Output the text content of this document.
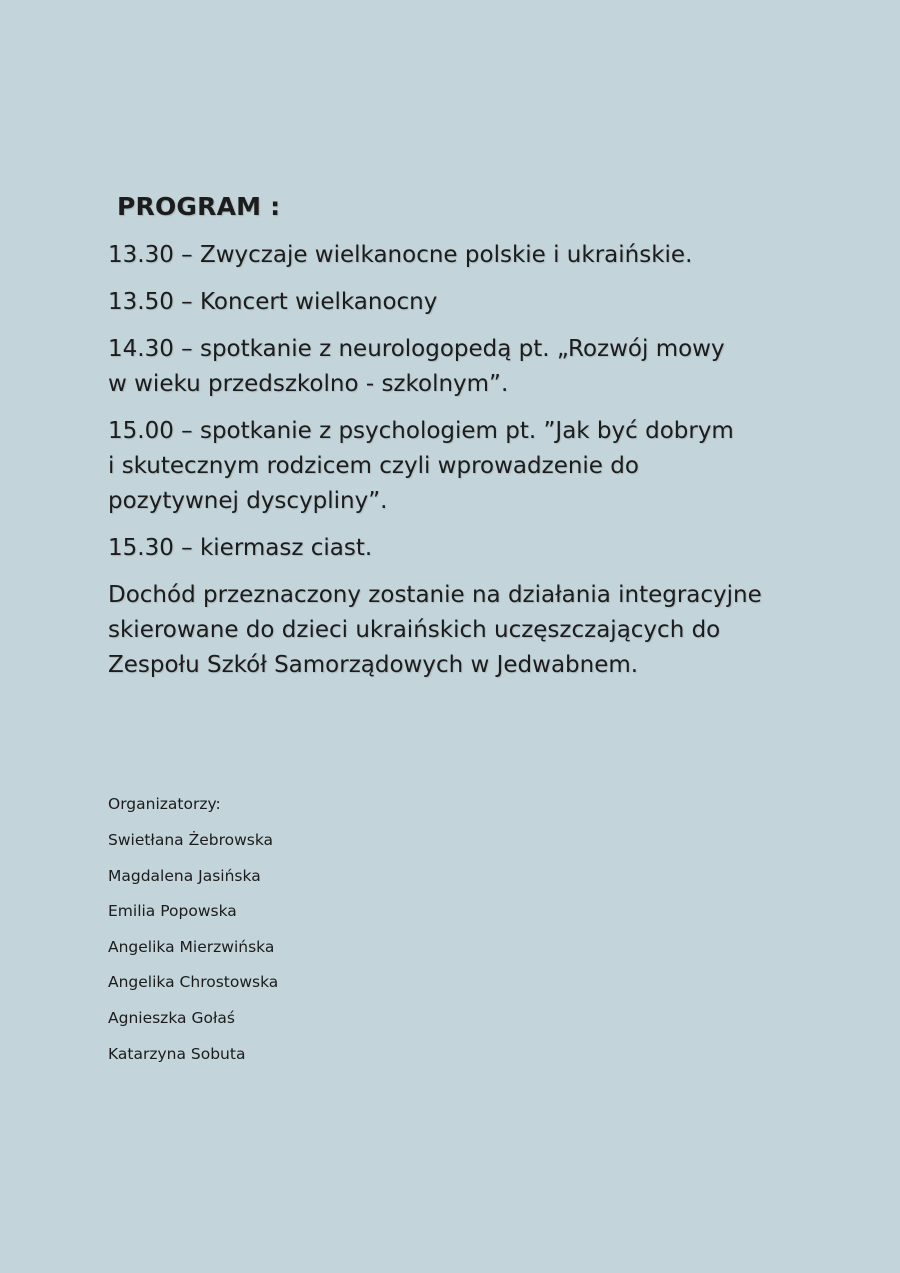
PROGRAM :
13.30 – Zwyczaje wielkanocne polskie i ukraińskie.
13.50 – Koncert wielkanocny
14.30 – spotkanie z neurologopedą pt. „Rozwój mowy
w wieku przedszkolno - szkolnym”.
15.00 – spotkanie z psychologiem pt. ”Jak być dobrym
i skutecznym rodzicem czyli wprowadzenie do
pozytywnej dyscypliny”.
15.30 – kiermasz ciast.
Dochód przeznaczony zostanie na działania integracyjne
skierowane do dzieci ukraińskich uczęszczających do
Zespołu Szkół Samorządowych w Jedwabnem.
Organizatorzy:
Swietłana Żebrowska
Magdalena Jasińska
Emilia Popowska
Angelika Mierzwińska
Angelika Chrostowska
Agnieszka Gołaś
Katarzyna Sobuta
